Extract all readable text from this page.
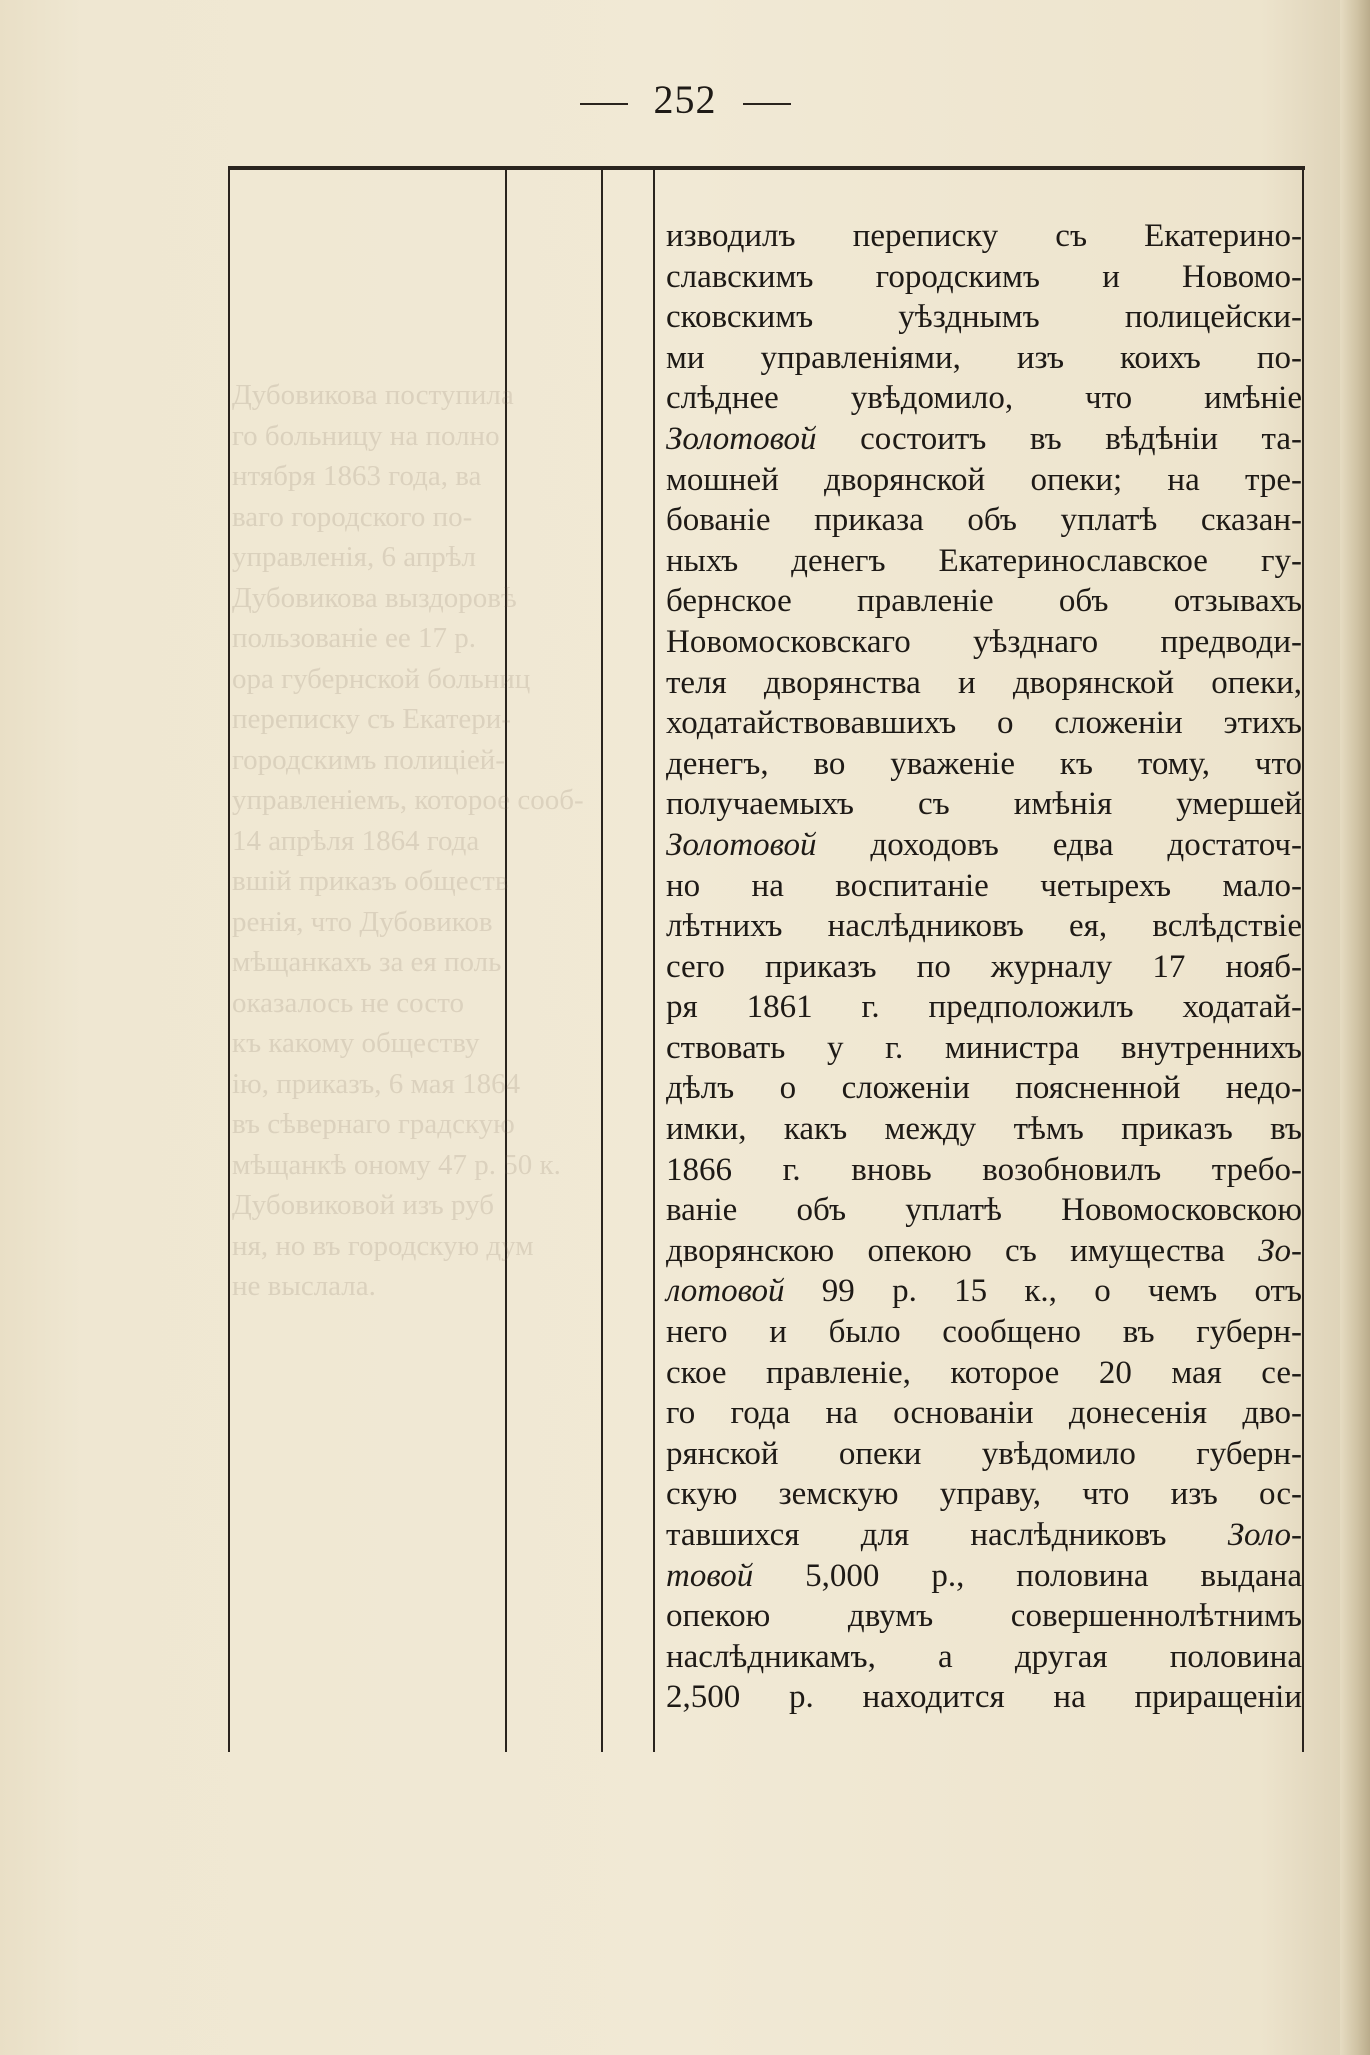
252
Дубовикова поступила
го больницу на полно
нтября 1863 года, ва
ваго городского по-
управленія, 6 апрѣл
Дубовикова выздоровѣ
пользованіе ее 17 р.
ора губернской больниц
переписку съ Екатери-
городскимъ полиціей-
управленіемъ, которое сооб-
14 апрѣля 1864 года
вшій приказъ обществ
ренія, что Дубовиков
мѣщанкахъ за ея поль
оказалось не состо
къ какому обществу
ію, приказъ, 6 мая 1864
въ сѣвернаго градскую
мѣщанкѣ оному 47 р. 50 к.
Дубовиковой изъ руб
ня, но въ городскую дум
не выслала.
изводилъ переписку съ Екатерино-
славскимъ городскимъ и Новомо-
сковскимъ уѣзднымъ полицейски-
ми управленіями, изъ коихъ по-
слѣднее увѣдомило, что имѣніе
Золотовой состоитъ въ вѣдѣніи та-
мошней дворянской опеки; на тре-
бованіе приказа объ уплатѣ сказан-
ныхъ денегъ Екатеринославское гу-
бернское правленіе объ отзывахъ
Новомосковскаго уѣзднаго предводи-
теля дворянства и дворянской опеки,
ходатайствовавшихъ о сложеніи этихъ
денегъ, во уваженіе къ тому, что
получаемыхъ съ имѣнія умершей
Золотовой доходовъ едва достаточ-
но на воспитаніе четырехъ мало-
лѣтнихъ наслѣдниковъ ея, вслѣдствіе
сего приказъ по журналу 17 нояб-
ря 1861 г. предположилъ ходатай-
ствовать у г. министра внутреннихъ
дѣлъ о сложеніи поясненной недо-
имки, какъ между тѣмъ приказъ въ
1866 г. вновь возобновилъ требо-
ваніе объ уплатѣ Новомосковскою
дворянскою опекою съ имущества Зо-
лотовой 99 р. 15 к., о чемъ отъ
него и было сообщено въ губерн-
ское правленіе, которое 20 мая се-
го года на основаніи донесенія дво-
рянской опеки увѣдомило губерн-
скую земскую управу, что изъ ос-
тавшихся для наслѣдниковъ Золо-
товой 5,000 р., половина выдана
опекою двумъ совершеннолѣтнимъ
наслѣдникамъ, а другая половина
2,500 р. находится на приращеніи
